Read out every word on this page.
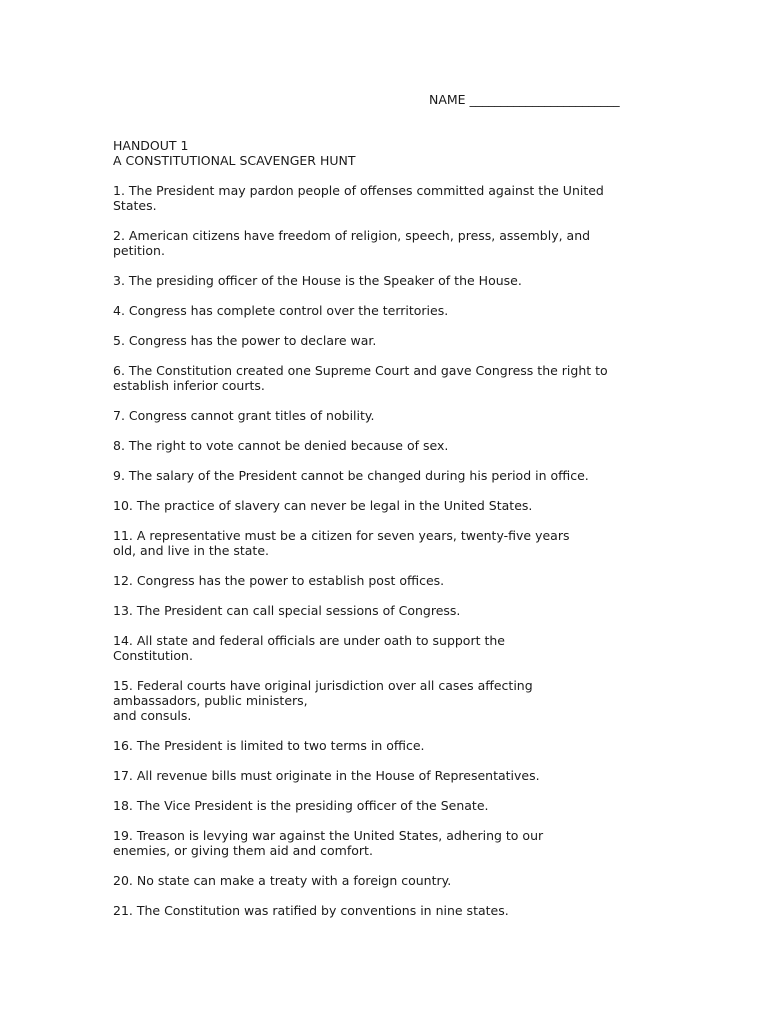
NAME ________________________
HANDOUT 1
A CONSTITUTIONAL SCAVENGER HUNT
1. The President may pardon people of offenses committed against the United
States.
2. American citizens have freedom of religion, speech, press, assembly, and
petition.
3. The presiding officer of the House is the Speaker of the House.
4. Congress has complete control over the territories.
5. Congress has the power to declare war.
6. The Constitution created one Supreme Court and gave Congress the right to
establish inferior courts.
7. Congress cannot grant titles of nobility.
8. The right to vote cannot be denied because of sex.
9. The salary of the President cannot be changed during his period in office.
10. The practice of slavery can never be legal in the United States.
11. A representative must be a citizen for seven years, twenty-five years
old, and live in the state.
12. Congress has the power to establish post offices.
13. The President can call special sessions of Congress.
14. All state and federal officials are under oath to support the
Constitution.
15. Federal courts have original jurisdiction over all cases affecting
ambassadors, public ministers,
and consuls.
16. The President is limited to two terms in office.
17. All revenue bills must originate in the House of Representatives.
18. The Vice President is the presiding officer of the Senate.
19. Treason is levying war against the United States, adhering to our
enemies, or giving them aid and comfort.
20. No state can make a treaty with a foreign country.
21. The Constitution was ratified by conventions in nine states.
